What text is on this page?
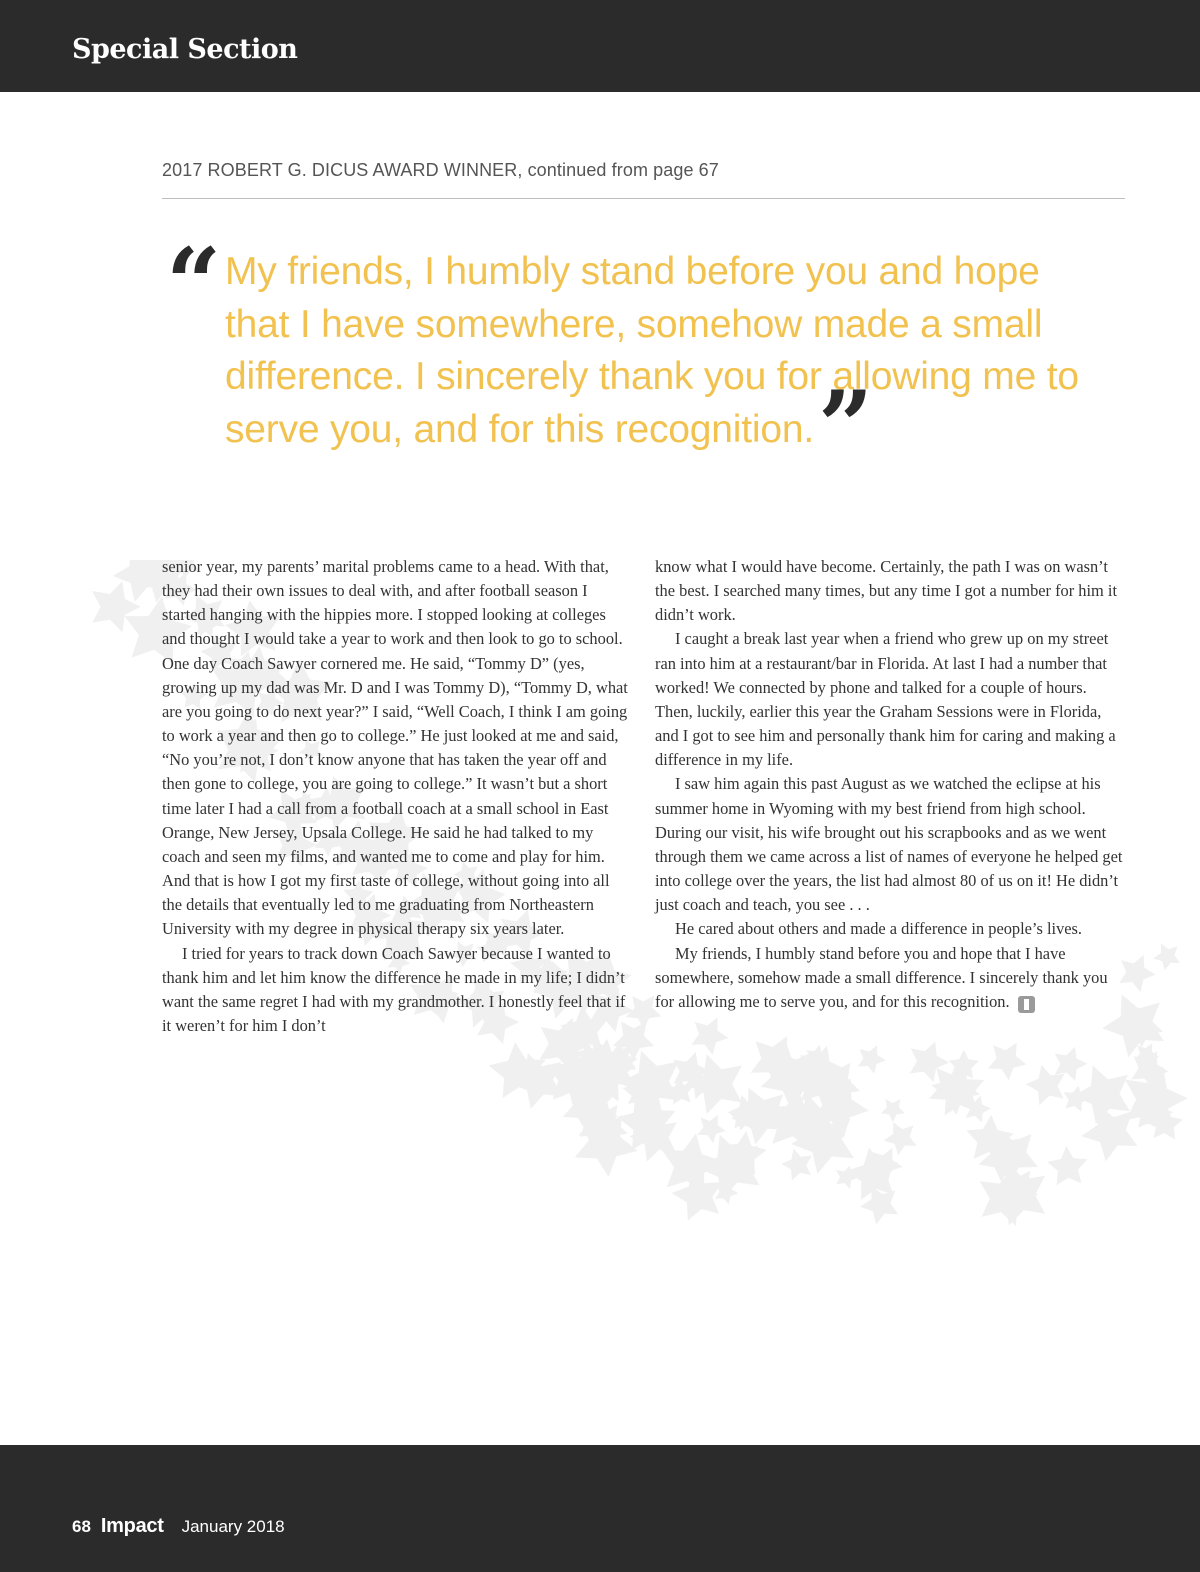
Special Section
2017 ROBERT G. DICUS AWARD WINNER, continued from page 67
“ My friends, I humbly stand before you and hope that I have somewhere, somehow made a small difference. I sincerely thank you for allowing me to serve you, and for this recognition.”

senior year, my parents’ marital problems came to a head. With that, they had their own issues to deal with, and after football season I started hanging with the hippies more. I stopped looking at colleges and thought I would take a year to work and then look to go to school. One day Coach Sawyer cornered me. He said, “Tommy D” (yes, growing up my dad was Mr. D and I was Tommy D), “Tommy D, what are you going to do next year?” I said, “Well Coach, I think I am going to work a year and then go to college.” He just looked at me and said, “No you’re not, I don’t know anyone that has taken the year off and then gone to college, you are going to college.” It wasn’t but a short time later I had a call from a football coach at a small school in East Orange, New Jersey, Upsala College. He said he had talked to my coach and seen my films, and wanted me to come and play for him. And that is how I got my first taste of college, without going into all the details that eventually led to me graduating from Northeastern University with my degree in physical therapy six years later.

I tried for years to track down Coach Sawyer because I wanted to thank him and let him know the difference he made in my life; I didn’t want the same regret I had with my grandmother. I honestly feel that if it weren’t for him I don’t

know what I would have become. Certainly, the path I was on wasn’t the best. I searched many times, but any time I got a number for him it didn’t work.

I caught a break last year when a friend who grew up on my street ran into him at a restaurant/bar in Florida. At last I had a number that worked! We connected by phone and talked for a couple of hours. Then, luckily, earlier this year the Graham Sessions were in Florida, and I got to see him and personally thank him for caring and making a difference in my life.

I saw him again this past August as we watched the eclipse at his summer home in Wyoming with my best friend from high school. During our visit, his wife brought out his scrapbooks and as we went through them we came across a list of names of everyone he helped get into college over the years, the list had almost 80 of us on it! He didn’t just coach and teach, you see . . .

He cared about others and made a difference in people’s lives.

My friends, I humbly stand before you and hope that I have somewhere, somehow made a small difference. I sincerely thank you for allowing me to serve you, and for this recognition.

68 Impact January 2018
